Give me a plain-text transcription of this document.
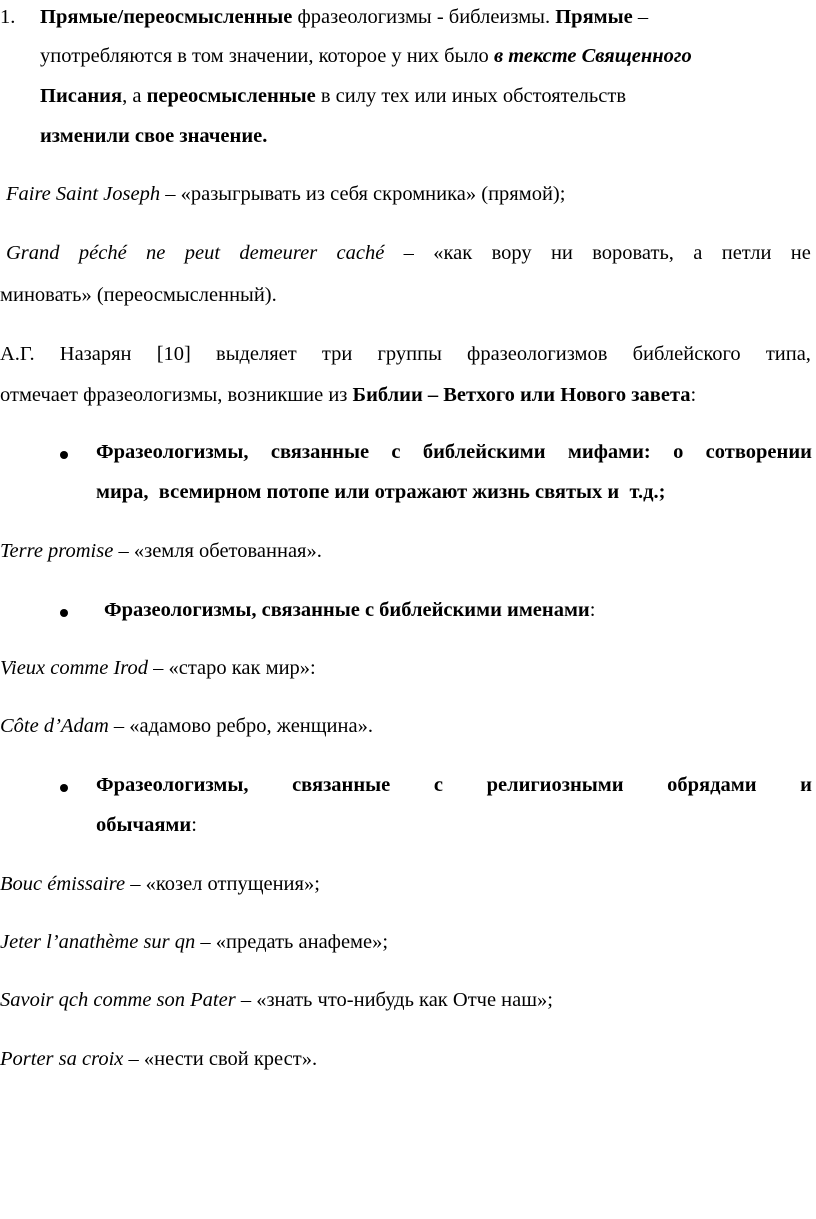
1. Прямые/переосмысленные фразеологизмы - библеизмы. Прямые –
употребляются в том значении, которое у них было в тексте Священного
Писания, а переосмысленные в силу тех или иных обстоятельств
изменили свое значение.
Faire Saint Joseph – «разыгрывать из себя скромника» (прямой);
Grand péché ne peut demeurer caché – «как вору ни воровать, а петли не
миновать» (переосмысленный).
А.Г. Назарян [10] выделяет три группы фразеологизмов библейского типа,
отмечает фразеологизмы, возникшие из Библии – Ветхого или Нового завета:
Фразеологизмы, связанные с библейскими мифами: о сотворении
мира,  всемирном потопе или отражают жизнь святых и  т.д.;
Terre promise – «земля обетованная».
Фразеологизмы, связанные с библейскими именами:
Vieux comme Irod – «старо как мир»:
Côte d’Adam – «адамово ребро, женщина».
Фразеологизмы, связанные с религиозными обрядами и
обычаями:
Bouc émissaire – «козел отпущения»;
Jeter l’anathème sur qn – «предать анафеме»;
Savoir qch comme son Pater – «знать что-нибудь как Отче наш»;
Porter sa croix – «нести свой крест».
